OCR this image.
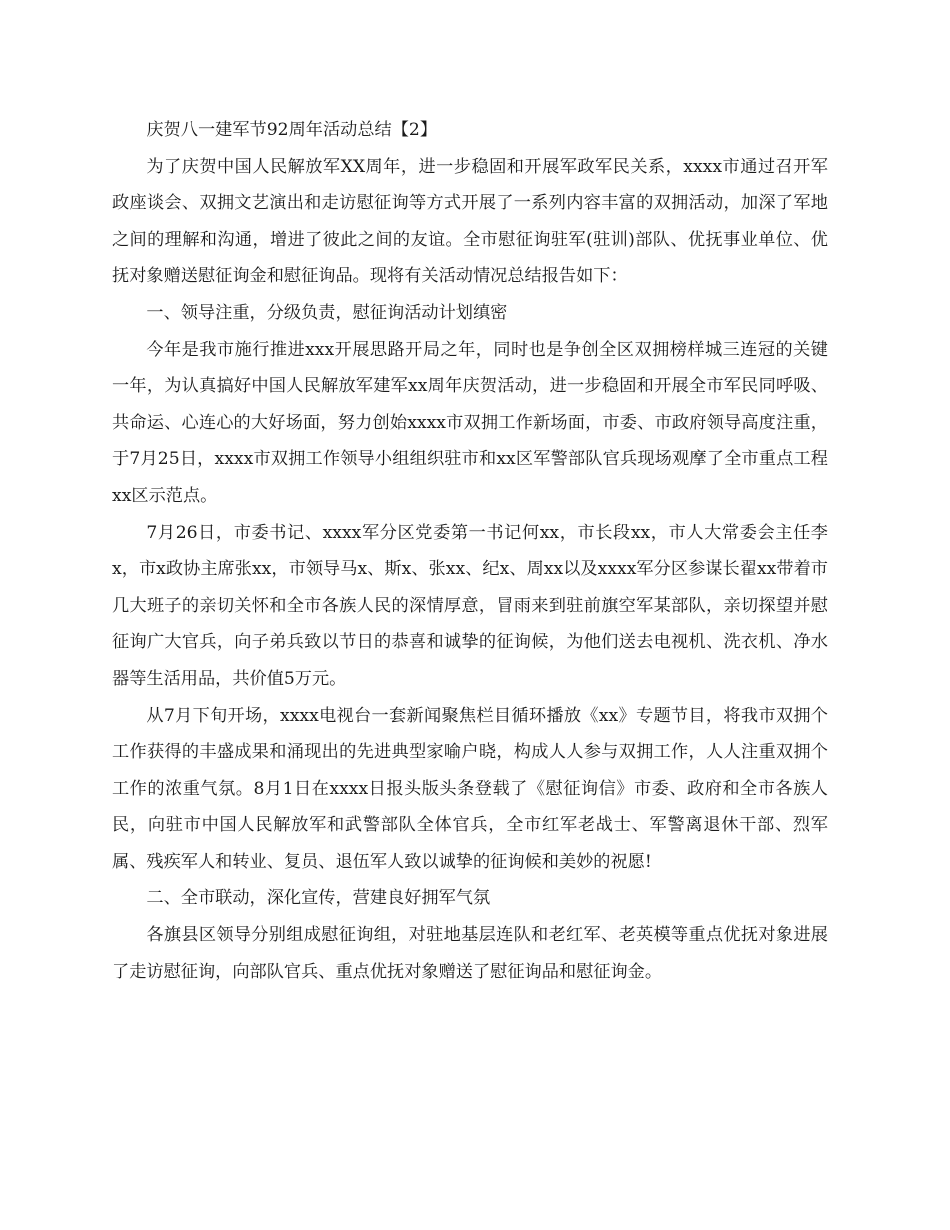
庆贺八一建军节92周年活动总结【2】

为了庆贺中国人民解放军XX周年，进一步稳固和开展军政军民关系，xxxx市通过召开军政座谈会、双拥文艺演出和走访慰征询等方式开展了一系列内容丰富的双拥活动，加深了军地之间的理解和沟通，增进了彼此之间的友谊。全市慰征询驻军(驻训)部队、优抚事业单位、优抚对象赠送慰征询金和慰征询品。现将有关活动情况总结报告如下：

一、领导注重，分级负责，慰征询活动计划缜密

今年是我市施行推进xxx开展思路开局之年，同时也是争创全区双拥榜样城三连冠的关键一年，为认真搞好中国人民解放军建军xx周年庆贺活动，进一步稳固和开展全市军民同呼吸、共命运、心连心的大好场面，努力创始xxxx市双拥工作新场面，市委、市政府领导高度注重，于7月25日，xxxx市双拥工作领导小组组织驻市和xx区军警部队官兵现场观摩了全市重点工程xx区示范点。

7月26日，市委书记、xxxx军分区党委第一书记何xx，市长段xx，市人大常委会主任李x，市x政协主席张xx，市领导马x、斯x、张xx、纪x、周xx以及xxxx军分区参谋长翟xx带着市几大班子的亲切关怀和全市各族人民的深情厚意，冒雨来到驻前旗空军某部队，亲切探望并慰征询广大官兵，向子弟兵致以节日的恭喜和诚挚的征询候，为他们送去电视机、洗衣机、净水器等生活用品，共价值5万元。

从7月下旬开场，xxxx电视台一套新闻聚焦栏目循环播放《xx》专题节目，将我市双拥个工作获得的丰盛成果和涌现出的先进典型家喻户晓，构成人人参与双拥工作，人人注重双拥个工作的浓重气氛。8月1日在xxxx日报头版头条登载了《慰征询信》市委、政府和全市各族人民，向驻市中国人民解放军和武警部队全体官兵，全市红军老战士、军警离退休干部、烈军属、残疾军人和转业、复员、退伍军人致以诚挚的征询候和美妙的祝愿!

二、全市联动，深化宣传，营建良好拥军气氛

各旗县区领导分别组成慰征询组，对驻地基层连队和老红军、老英模等重点优抚对象进展了走访慰征询，向部队官兵、重点优抚对象赠送了慰征询品和慰征询金。
